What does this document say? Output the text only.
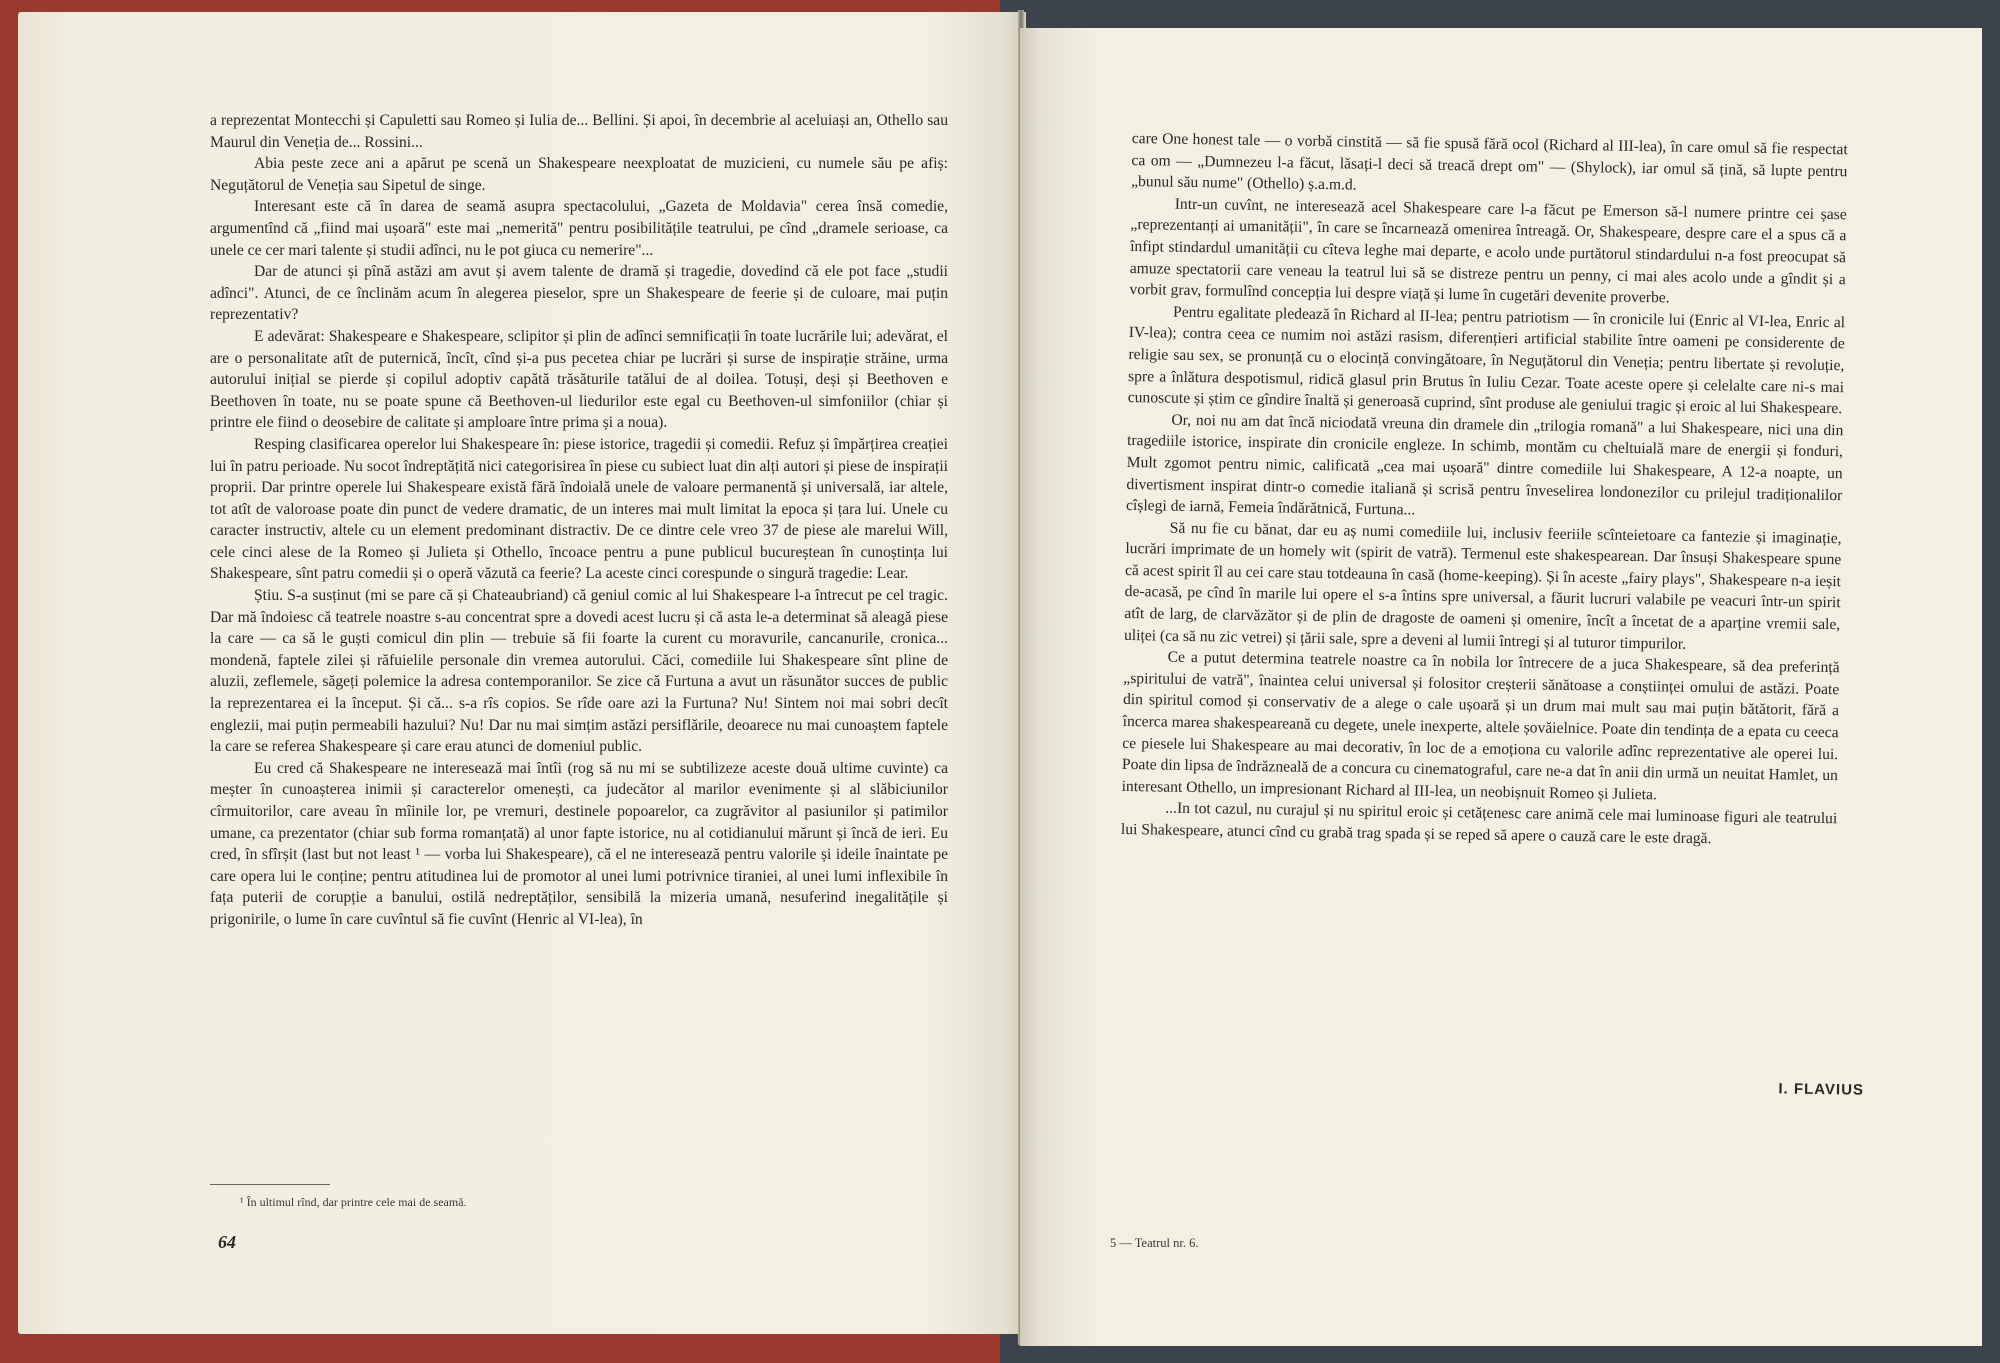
a reprezentat Montecchi și Capuletti sau Romeo și Iulia de... Bellini. Și apoi, în decembrie al aceluiași an, Othello sau Maurul din Veneția de... Rossini...

Abia peste zece ani a apărut pe scenă un Shakespeare neexploatat de muzicieni, cu numele său pe afiș: Neguțătorul de Veneția sau Sipetul de singe.

Interesant este că în darea de seamă asupra spectacolului, „Gazeta de Moldavia" cerea însă comedie, argumentînd că „fiind mai ușoară" este mai „nemerită" pentru posibilitățile teatrului, pe cînd „dramele serioase, ca unele ce cer mari talente și studii adînci, nu le pot giuca cu nemerire"...

Dar de atunci și pînă astăzi am avut și avem talente de dramă și tragedie, dovedind că ele pot face „studii adînci". Atunci, de ce înclinăm acum în alegerea pieselor, spre un Shakespeare de feerie și de culoare, mai puțin reprezentativ?

E adevărat: Shakespeare e Shakespeare, sclipitor și plin de adînci semnificații în toate lucrările lui; adevărat, el are o personalitate atît de puternică, încît, cînd și-a pus pecetea chiar pe lucrări și surse de inspirație străine, urma autorului inițial se pierde și copilul adoptiv capătă trăsăturile tatălui de al doilea. Totuși, deși și Beethoven e Beethoven în toate, nu se poate spune că Beethoven-ul liedurilor este egal cu Beethoven-ul simfoniilor (chiar și printre ele fiind o deosebire de calitate și amploare între prima și a noua).

Resping clasificarea operelor lui Shakespeare în: piese istorice, tragedii și comedii. Refuz și împărțirea creației lui în patru perioade. Nu socot îndreptățită nici categorisirea în piese cu subiect luat din alți autori și piese de inspirații proprii. Dar printre operele lui Shakespeare există fără îndoială unele de valoare permanentă și universală, iar altele, tot atît de valoroase poate din punct de vedere dramatic, de un interes mai mult limitat la epoca și țara lui. Unele cu caracter instructiv, altele cu un element predominant distractiv. De ce dintre cele vreo 37 de piese ale marelui Will, cele cinci alese de la Romeo și Julieta și Othello, încoace pentru a pune publicul bucureștean în cunoștința lui Shakespeare, sînt patru comedii și o operă văzută ca feerie? La aceste cinci corespunde o singură tragedie: Lear.

Știu. S-a susținut (mi se pare că și Chateaubriand) că geniul comic al lui Shakespeare l-a întrecut pe cel tragic. Dar mă îndoiesc că teatrele noastre s-au concentrat spre a dovedi acest lucru și că asta le-a determinat să aleagă piese la care — ca să le guști comicul din plin — trebuie să fii foarte la curent cu moravurile, cancanurile, cronica... mondenă, faptele zilei și răfuielile personale din vremea autorului. Căci, comediile lui Shakespeare sînt pline de aluzii, zeflemele, săgeți polemice la adresa contemporanilor. Se zice că Furtuna a avut un răsunător succes de public la reprezentarea ei la început. Și că... s-a rîs copios. Se rîde oare azi la Furtuna? Nu! Sintem noi mai sobri decît englezii, mai puțin permeabili hazului? Nu! Dar nu mai simțim astăzi persiflările, deoarece nu mai cunoaștem faptele la care se referea Shakespeare și care erau atunci de domeniul public.

Eu cred că Shakespeare ne interesează mai întîi (rog să nu mi se subtilizeze aceste două ultime cuvinte) ca meșter în cunoașterea inimii și caracterelor omenești, ca judecător al marilor evenimente și al slăbiciunilor cîrmuitorilor, care aveau în mîinile lor, pe vremuri, destinele popoarelor, ca zugrăvitor al pasiunilor și patimilor umane, ca prezentator (chiar sub forma romanțată) al unor fapte istorice, nu al cotidianului mărunt și încă de ieri. Eu cred, în sfîrșit (last but not least ¹ — vorba lui Shakespeare), că el ne interesează pentru valorile și ideile înaintate pe care opera lui le conține; pentru atitudinea lui de promotor al unei lumi potrivnice tiraniei, al unei lumi inflexibile în fața puterii de corupție a banului, ostilă nedreptăților, sensibilă la mizeria umană, nesuferind inegalitățile și prigonirile, o lume în care cuvîntul să fie cuvînt (Henric al VI-lea), în

¹ În ultimul rînd, dar printre cele mai de seamă.
64

care One honest tale — o vorbă cinstită — să fie spusă fără ocol (Richard al III-lea), în care omul să fie respectat ca om — „Dumnezeu l-a făcut, lăsați-l deci să treacă drept om" — (Shylock), iar omul să țină, să lupte pentru „bunul său nume" (Othello) ș.a.m.d.

Intr-un cuvînt, ne interesează acel Shakespeare care l-a făcut pe Emerson să-l numere printre cei șase „reprezentanți ai umanității", în care se încarnează omenirea întreagă. Or, Shakespeare, despre care el a spus că a înfipt stindardul umanității cu cîteva leghe mai departe, e acolo unde purtătorul stindardului n-a fost preocupat să amuze spectatorii care veneau la teatrul lui să se distreze pentru un penny, ci mai ales acolo unde a gîndit și a vorbit grav, formulînd concepția lui despre viață și lume în cugetări devenite proverbe.

Pentru egalitate pledează în Richard al II-lea; pentru patriotism — în cronicile lui (Enric al VI-lea, Enric al IV-lea); contra ceea ce numim noi astăzi rasism, diferențieri artificial stabilite între oameni pe considerente de religie sau sex, se pronunță cu o elocință convingătoare, în Neguțătorul din Veneția; pentru libertate și revoluție, spre a înlătura despotismul, ridică glasul prin Brutus în Iuliu Cezar. Toate aceste opere și celelalte care ni-s mai cunoscute și știm ce gîndire înaltă și generoasă cuprind, sînt produse ale geniului tragic și eroic al lui Shakespeare.

Or, noi nu am dat încă niciodată vreuna din dramele din „trilogia romană" a lui Shakespeare, nici una din tragediile istorice, inspirate din cronicile engleze. In schimb, montăm cu cheltuială mare de energii și fonduri, Mult zgomot pentru nimic, calificată „cea mai ușoară" dintre comediile lui Shakespeare, A 12-a noapte, un divertisment inspirat dintr-o comedie italiană și scrisă pentru înveselirea londonezilor cu prilejul tradiționalilor cîșlegi de iarnă, Femeia îndărătnică, Furtuna...

Să nu fie cu bănat, dar eu aș numi comediile lui, inclusiv feeriile scînteietoare ca fantezie și imaginație, lucrări imprimate de un homely wit (spirit de vatră). Termenul este shakespearean. Dar însuși Shakespeare spune că acest spirit îl au cei care stau totdeauna în casă (home-keeping). Și în aceste „fairy plays", Shakespeare n-a ieșit de-acasă, pe cînd în marile lui opere el s-a întins spre universal, a făurit lucruri valabile pe veacuri într-un spirit atît de larg, de clarvăzător și de plin de dragoste de oameni și omenire, încît a încetat de a aparține vremii sale, uliței (ca să nu zic vetrei) și țării sale, spre a deveni al lumii întregi și al tuturor timpurilor.

Ce a putut determina teatrele noastre ca în nobila lor întrecere de a juca Shakespeare, să dea preferință „spiritului de vatră", înaintea celui universal și folositor creșterii sănătoase a conștiinței omului de astăzi. Poate din spiritul comod și conservativ de a alege o cale ușoară și un drum mai mult sau mai puțin bătătorit, fără a încerca marea shakespeareană cu degete, unele inexperte, altele șovăielnice. Poate din tendința de a epata cu ceeca ce piesele lui Shakespeare au mai decorativ, în loc de a emoționa cu valorile adînc reprezentative ale operei lui. Poate din lipsa de îndrăzneală de a concura cu cinematograful, care ne-a dat în anii din urmă un neuitat Hamlet, un interesant Othello, un impresionant Richard al III-lea, un neobișnuit Romeo și Julieta.

...In tot cazul, nu curajul și nu spiritul eroic și cetățenesc care animă cele mai luminoase figuri ale teatrului lui Shakespeare, atunci cînd cu grabă trag spada și se reped să apere o cauză care le este dragă.

I. FLAVIUS
5 — Teatrul nr. 6.
